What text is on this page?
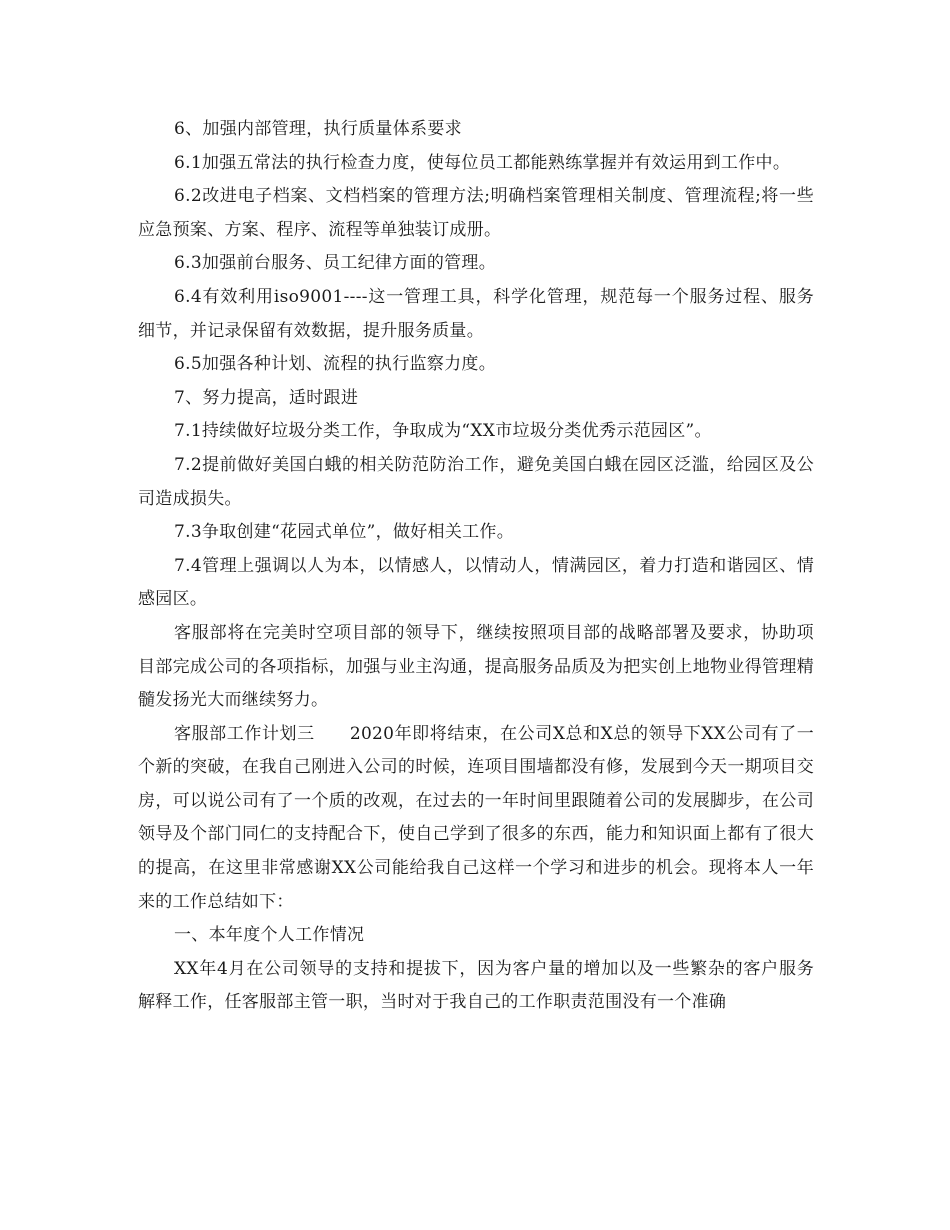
6、加强内部管理，执行质量体系要求

6.1加强五常法的执行检查力度，使每位员工都能熟练掌握并有效运用到工作中。

6.2改进电子档案、文档档案的管理方法;明确档案管理相关制度、管理流程;将一些应急预案、方案、程序、流程等单独装订成册。

6.3加强前台服务、员工纪律方面的管理。

6.4有效利用iso9001----这一管理工具，科学化管理，规范每一个服务过程、服务细节，并记录保留有效数据，提升服务质量。

6.5加强各种计划、流程的执行监察力度。

7、努力提高，适时跟进

7.1持续做好垃圾分类工作，争取成为“XX市垃圾分类优秀示范园区”。

7.2提前做好美国白蛾的相关防范防治工作，避免美国白蛾在园区泛滥，给园区及公司造成损失。

7.3争取创建“花园式单位”，做好相关工作。

7.4管理上强调以人为本，以情感人，以情动人，情满园区，着力打造和谐园区、情感园区。

客服部将在完美时空项目部的领导下，继续按照项目部的战略部署及要求，协助项目部完成公司的各项指标，加强与业主沟通，提高服务品质及为把实创上地物业得管理精髓发扬光大而继续努力。

客服部工作计划三　　2020年即将结束，在公司X总和X总的领导下XX公司有了一个新的突破，在我自己刚进入公司的时候，连项目围墙都没有修，发展到今天一期项目交房，可以说公司有了一个质的改观，在过去的一年时间里跟随着公司的发展脚步，在公司领导及个部门同仁的支持配合下，使自己学到了很多的东西，能力和知识面上都有了很大的提高，在这里非常感谢XX公司能给我自己这样一个学习和进步的机会。现将本人一年来的工作总结如下：

一、本年度个人工作情况

XX年4月在公司领导的支持和提拔下，因为客户量的增加以及一些繁杂的客户服务解释工作，任客服部主管一职，当时对于我自己的工作职责范围没有一个准确
